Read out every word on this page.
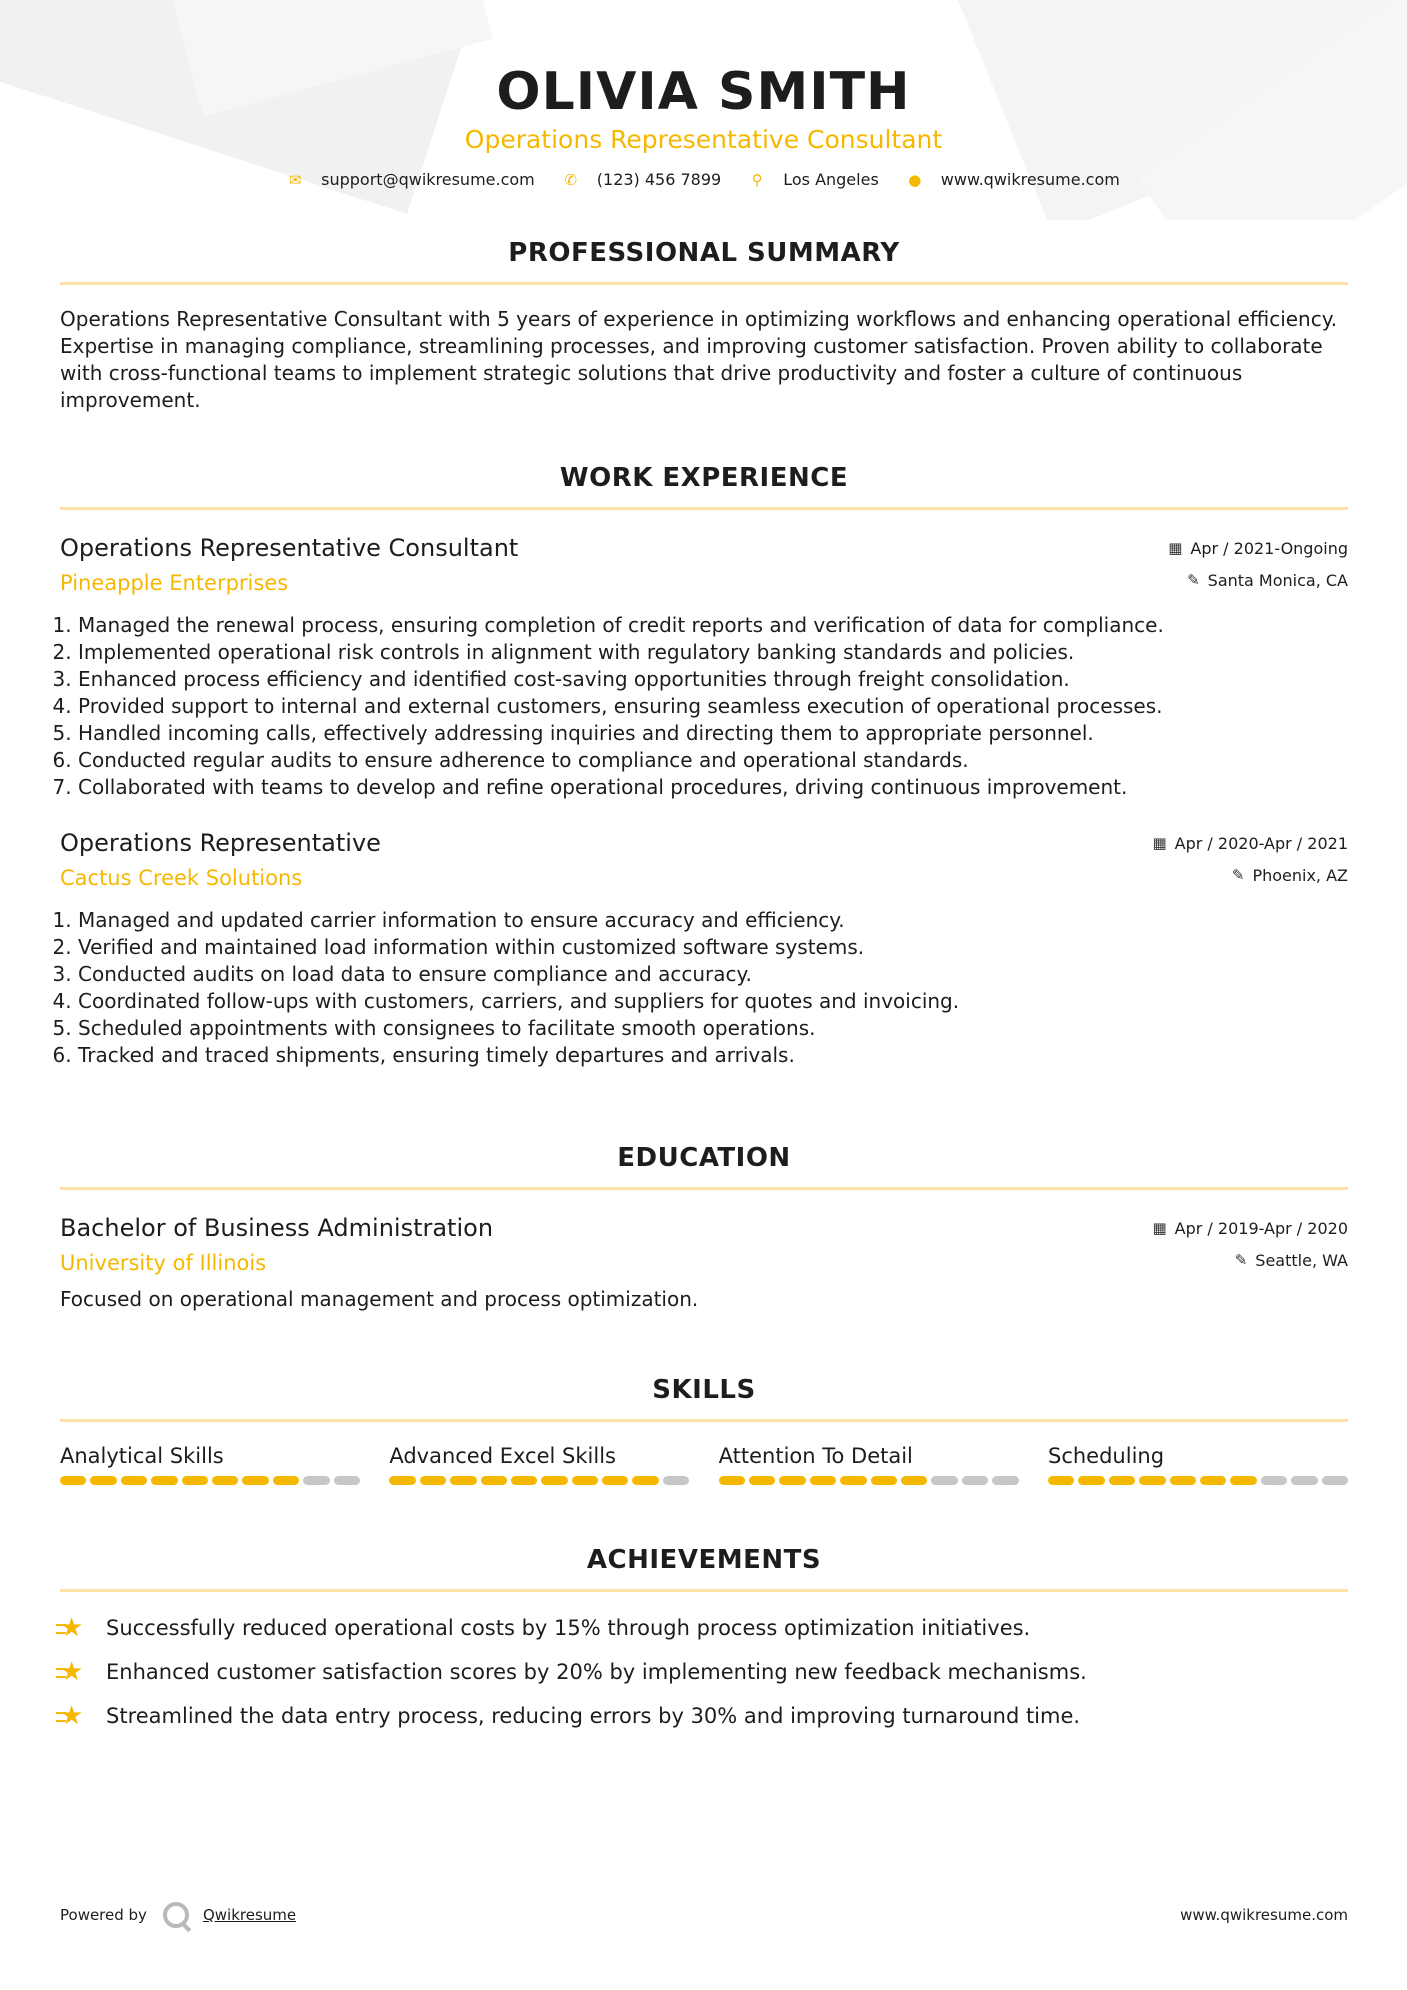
OLIVIA SMITH
Operations Representative Consultant
✉ support@qwikresume.com ✆ (123) 456 7899 ⚲ Los Angeles ● www.qwikresume.com
PROFESSIONAL SUMMARY

Operations Representative Consultant with 5 years of experience in optimizing workflows and enhancing operational efficiency. Expertise in managing compliance, streamlining processes, and improving customer satisfaction. Proven ability to collaborate with cross-functional teams to implement strategic solutions that drive productivity and foster a culture of continuous improvement.

WORK EXPERIENCE
▦ Apr / 2021-Ongoing
✎ Santa Monica, CA
Operations Representative Consultant
Pineapple Enterprises
1. Managed the renewal process, ensuring completion of credit reports and verification of data for compliance.
2. Implemented operational risk controls in alignment with regulatory banking standards and policies.
3. Enhanced process efficiency and identified cost-saving opportunities through freight consolidation.
4. Provided support to internal and external customers, ensuring seamless execution of operational processes.
5. Handled incoming calls, effectively addressing inquiries and directing them to appropriate personnel.
6. Conducted regular audits to ensure adherence to compliance and operational standards.
7. Collaborated with teams to develop and refine operational procedures, driving continuous improvement.
▦ Apr / 2020-Apr / 2021
✎ Phoenix, AZ
Operations Representative
Cactus Creek Solutions
1. Managed and updated carrier information to ensure accuracy and efficiency.
2. Verified and maintained load information within customized software systems.
3. Conducted audits on load data to ensure compliance and accuracy.
4. Coordinated follow-ups with customers, carriers, and suppliers for quotes and invoicing.
5. Scheduled appointments with consignees to facilitate smooth operations.
6. Tracked and traced shipments, ensuring timely departures and arrivals.
EDUCATION
▦ Apr / 2019-Apr / 2020
✎ Seattle, WA
Bachelor of Business Administration
University of Illinois

Focused on operational management and process optimization.

SKILLS
Analytical Skills	Advanced Excel Skills	Attention To Detail	Scheduling
ACHIEVEMENTS
★	Successfully reduced operational costs by 15% through process optimization initiatives.
★	Enhanced customer satisfaction scores by 20% by implementing new feedback mechanisms.
★	Streamlined the data entry process, reducing errors by 30% and improving turnaround time.
Powered by	Qwikresume	www.qwikresume.com
